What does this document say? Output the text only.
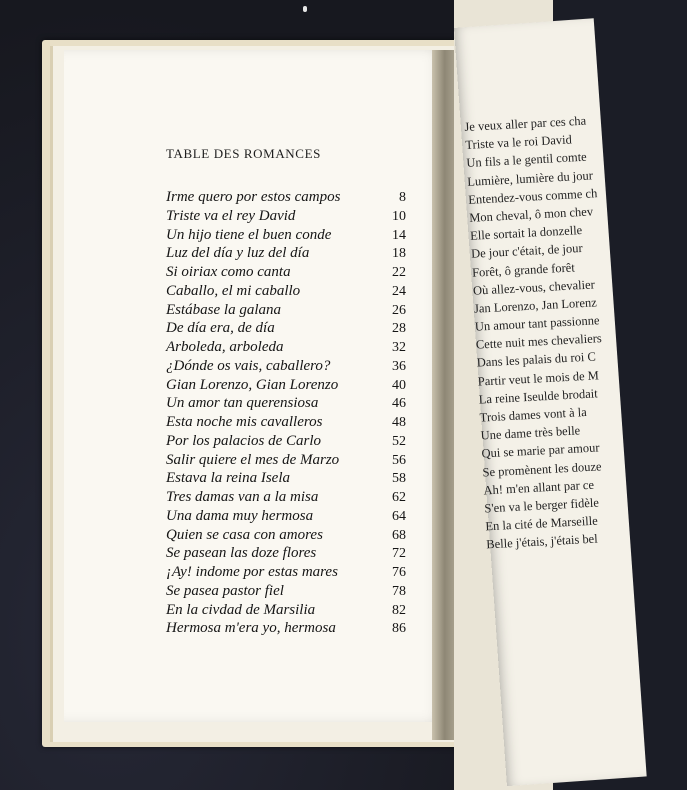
Je veux aller par ces cha
Triste va le roi David
Un fils a le gentil comte
Lumière, lumière du jour
Entendez-vous comme ch
Mon cheval, ô mon chev
Elle sortait la donzelle
De jour c'était, de jour
Forêt, ô grande forêt
Où allez-vous, chevalier
Jan Lorenzo, Jan Lorenz
Un amour tant passionne
Cette nuit mes chevaliers
Dans les palais du roi C
Partir veut le mois de M
La reine Iseulde brodait
Trois dames vont à la
Une dame très belle
Qui se marie par amour
Se promènent les douze
Ah! m'en allant par ce
S'en va le berger fidèle
En la cité de Marseille
Belle j'étais, j'étais bel
TABLE DES ROMANCES
Irme quero por estos campos	8
Triste va el rey David	10
Un hijo tiene el buen conde	14
Luz del día y luz del día	18
Si oiriax como canta	22
Caballo, el mi caballo	24
Estábase la galana	26
De día era, de día	28
Arboleda, arboleda	32
¿Dónde os vais, caballero?	36
Gian Lorenzo, Gian Lorenzo	40
Un amor tan querensiosa	46
Esta noche mis cavalleros	48
Por los palacios de Carlo	52
Salir quiere el mes de Marzo	56
Estava la reina Isela	58
Tres damas van a la misa	62
Una dama muy hermosa	64
Quien se casa con amores	68
Se pasean las doze flores	72
¡Ay! indome por estas mares	76
Se pasea pastor fiel	78
En la civdad de Marsilia	82
Hermosa m'era yo, hermosa	86
